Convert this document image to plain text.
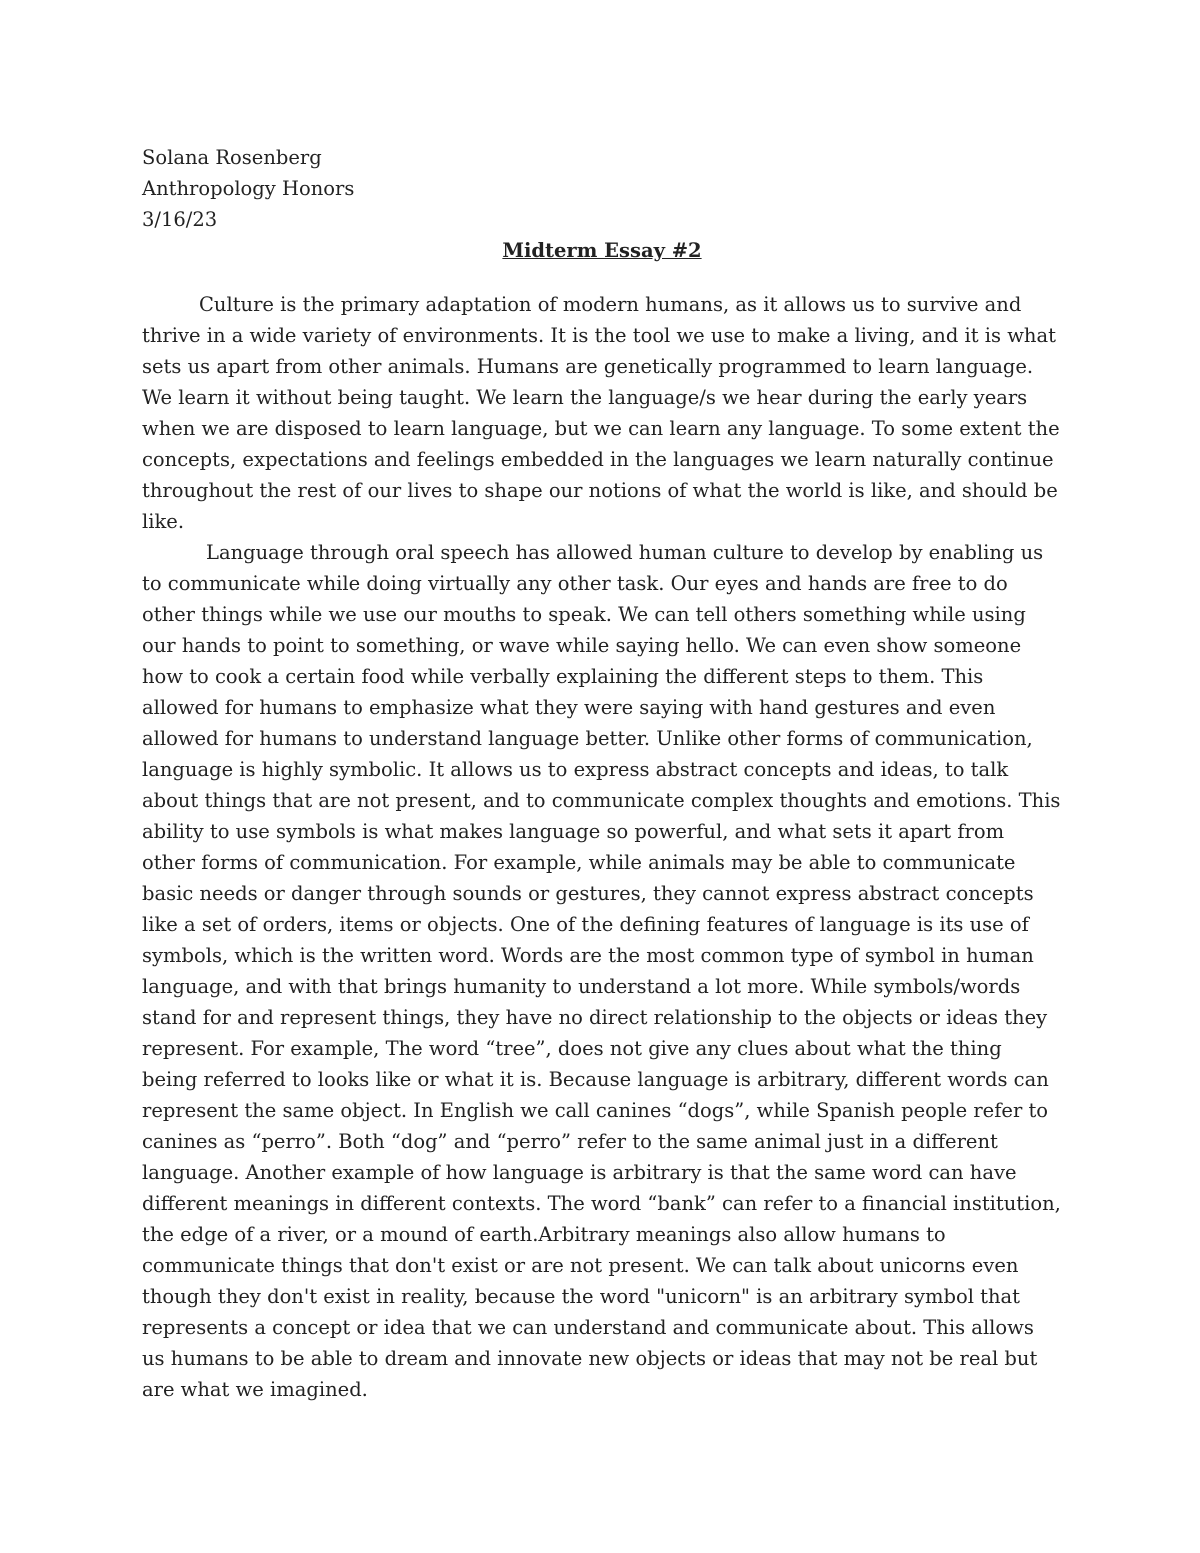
Solana Rosenberg

Anthropology Honors

3/16/23

Midterm Essay #2

Culture is the primary adaptation of modern humans, as it allows us to survive and thrive in a wide variety of environments. It is the tool we use to make a living, and it is what sets us apart from other animals. Humans are genetically programmed to learn language. We learn it without being taught. We learn the language/s we hear during the early years when we are disposed to learn language, but we can learn any language. To some extent the concepts, expectations and feelings embedded in the languages we learn naturally continue throughout the rest of our lives to shape our notions of what the world is like, and should be like.

Language through oral speech has allowed human culture to develop by enabling us to communicate while doing virtually any other task. Our eyes and hands are free to do other things while we use our mouths to speak. We can tell others something while using our hands to point to something, or wave while saying hello. We can even show someone how to cook a certain food while verbally explaining the different steps to them. This allowed for humans to emphasize what they were saying with hand gestures and even allowed for humans to understand language better. Unlike other forms of communication, language is highly symbolic. It allows us to express abstract concepts and ideas, to talk about things that are not present, and to communicate complex thoughts and emotions. This ability to use symbols is what makes language so powerful, and what sets it apart from other forms of communication. For example, while animals may be able to communicate basic needs or danger through sounds or gestures, they cannot express abstract concepts like a set of orders, items or objects. One of the defining features of language is its use of symbols, which is the written word. Words are the most common type of symbol in human language, and with that brings humanity to understand a lot more. While symbols/words stand for and represent things, they have no direct relationship to the objects or ideas they represent. For example, The word “tree”, does not give any clues about what the thing being referred to looks like or what it is. Because language is arbitrary, different words can represent the same object. In English we call canines “dogs”, while Spanish people refer to canines as “perro”. Both “dog” and “perro” refer to the same animal just in a different language. Another example of how language is arbitrary is that the same word can have different meanings in different contexts. The word “bank” can refer to a financial institution, the edge of a river, or a mound of earth.Arbitrary meanings also allow humans to communicate things that don't exist or are not present. We can talk about unicorns even though they don't exist in reality, because the word "unicorn" is an arbitrary symbol that represents a concept or idea that we can understand and communicate about. This allows us humans to be able to dream and innovate new objects or ideas that may not be real but are what we imagined.
